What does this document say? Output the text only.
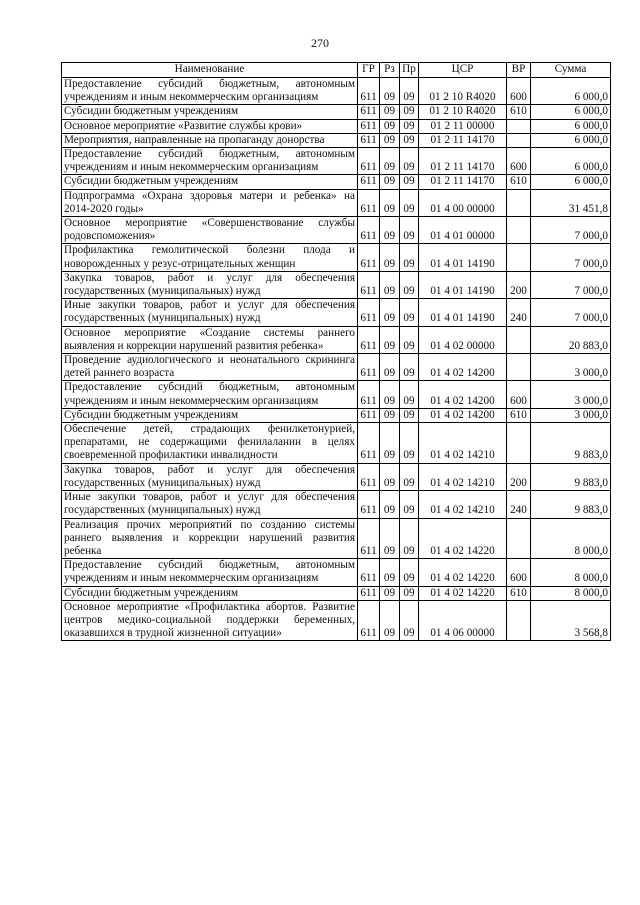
270
Наименование	ГР	Рз	Пр	ЦСР	ВР	Сумма
Предоставление субсидий бюджетным, автономным учреждениям и иным некоммерческим организациям	611	09	09	01 2 10 R4020	600	6 000,0
Субсидии бюджетным учреждениям	611	09	09	01 2 10 R4020	610	6 000,0
Основное мероприятие «Развитие службы крови»	611	09	09	01 2 11 00000		6 000,0
Мероприятия, направленные на пропаганду донорства	611	09	09	01 2 11 14170		6 000,0
Предоставление субсидий бюджетным, автономным учреждениям и иным некоммерческим организациям	611	09	09	01 2 11 14170	600	6 000,0
Субсидии бюджетным учреждениям	611	09	09	01 2 11 14170	610	6 000,0
Подпрограмма «Охрана здоровья матери и ребенка» на 2014-2020 годы»	611	09	09	01 4 00 00000		31 451,8
Основное мероприятие «Совершенствование службы родовспоможения»	611	09	09	01 4 01 00000		7 000,0
Профилактика гемолитической болезни плода и новорожденных у резус-отрицательных женщин	611	09	09	01 4 01 14190		7 000,0
Закупка товаров, работ и услуг для обеспечения государственных (муниципальных) нужд	611	09	09	01 4 01 14190	200	7 000,0
Иные закупки товаров, работ и услуг для обеспечения государственных (муниципальных) нужд	611	09	09	01 4 01 14190	240	7 000,0
Основное мероприятие «Создание системы раннего выявления и коррекции нарушений развития ребенка»	611	09	09	01 4 02 00000		20 883,0
Проведение аудиологического и неонатального скрининга детей раннего возраста	611	09	09	01 4 02 14200		3 000,0
Предоставление субсидий бюджетным, автономным учреждениям и иным некоммерческим организациям	611	09	09	01 4 02 14200	600	3 000,0
Субсидии бюджетным учреждениям	611	09	09	01 4 02 14200	610	3 000,0
Обеспечение детей, страдающих фенилкетонурией, препаратами, не содержащими фенилаланин в целях своевременной профилактики инвалидности	611	09	09	01 4 02 14210		9 883,0
Закупка товаров, работ и услуг для обеспечения государственных (муниципальных) нужд	611	09	09	01 4 02 14210	200	9 883,0
Иные закупки товаров, работ и услуг для обеспечения государственных (муниципальных) нужд	611	09	09	01 4 02 14210	240	9 883,0
Реализация прочих мероприятий по созданию системы раннего выявления и коррекции нарушений развития ребенка	611	09	09	01 4 02 14220		8 000,0
Предоставление субсидий бюджетным, автономным учреждениям и иным некоммерческим организациям	611	09	09	01 4 02 14220	600	8 000,0
Субсидии бюджетным учреждениям	611	09	09	01 4 02 14220	610	8 000,0
Основное мероприятие «Профилактика абортов. Развитие центров медико-социальной поддержки беременных, оказавшихся в трудной жизненной ситуации»	611	09	09	01 4 06 00000		3 568,8
